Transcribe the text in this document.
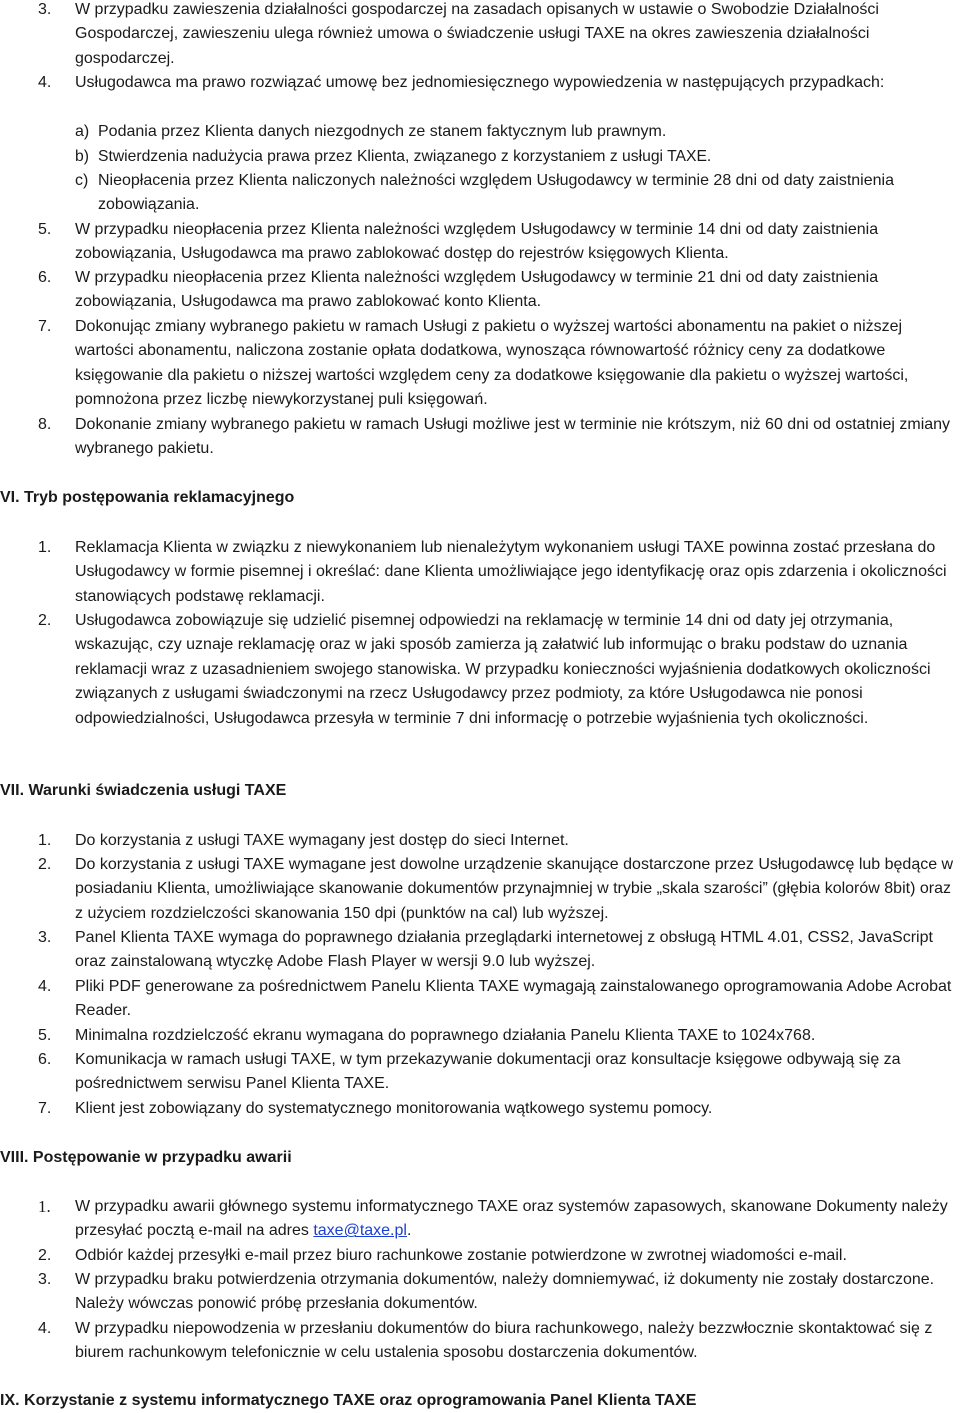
3.	W przypadku zawieszenia działalności gospodarczej na zasadach opisanych w ustawie o Swobodzie Działalności Gospodarczej, zawieszeniu ulega również umowa o świadczenie usługi TAXE na okres zawieszenia działalności gospodarczej.
4.	Usługodawca ma prawo rozwiązać umowę bez jednomiesięcznego wypowiedzenia w następujących przypadkach:
a) Podania przez Klienta danych niezgodnych ze stanem faktycznym lub prawnym.
b) Stwierdzenia nadużycia prawa przez Klienta, związanego z korzystaniem z usługi TAXE.
c) Nieopłacenia przez Klienta naliczonych należności względem Usługodawcy w terminie 28 dni od daty zaistnienia zobowiązania.
5.	W przypadku nieopłacenia przez Klienta należności względem Usługodawcy w terminie 14 dni od daty zaistnienia zobowiązania, Usługodawca ma prawo zablokować dostęp do rejestrów księgowych Klienta.
6.	W przypadku nieopłacenia przez Klienta należności względem Usługodawcy w terminie 21 dni od daty zaistnienia zobowiązania, Usługodawca ma prawo zablokować konto Klienta.
7.	Dokonując zmiany wybranego pakietu w ramach Usługi z pakietu o wyższej wartości abonamentu na pakiet o niższej wartości abonamentu, naliczona zostanie opłata dodatkowa, wynosząca równowartość różnicy ceny za dodatkowe księgowanie dla pakietu o niższej wartości względem ceny za dodatkowe księgowanie dla pakietu o wyższej wartości, pomnożona przez liczbę niewykorzystanej puli księgowań.
8.	Dokonanie zmiany wybranego pakietu w ramach Usługi możliwe jest w terminie nie krótszym, niż 60 dni od ostatniej zmiany wybranego pakietu.
VI. Tryb postępowania reklamacyjnego
1.	Reklamacja Klienta w związku z niewykonaniem lub nienależytym wykonaniem usługi TAXE powinna zostać przesłana do Usługodawcy w formie pisemnej i określać: dane Klienta umożliwiające jego identyfikację oraz opis zdarzenia i okoliczności stanowiących podstawę reklamacji.
2.	Usługodawca zobowiązuje się udzielić pisemnej odpowiedzi na reklamację w terminie 14 dni od daty jej otrzymania, wskazując, czy uznaje reklamację oraz w jaki sposób zamierza ją załatwić lub informując o braku podstaw do uznania reklamacji wraz z uzasadnieniem swojego stanowiska. W przypadku konieczności wyjaśnienia dodatkowych okoliczności związanych z usługami świadczonymi na rzecz Usługodawcy przez podmioty, za które Usługodawca nie ponosi odpowiedzialności, Usługodawca przesyła w terminie 7 dni informację o potrzebie wyjaśnienia tych okoliczności.
VII. Warunki świadczenia usługi TAXE
1.	Do korzystania z usługi TAXE wymagany jest dostęp do sieci Internet.
2.	Do korzystania z usługi TAXE wymagane jest dowolne urządzenie skanujące dostarczone przez Usługodawcę lub będące w posiadaniu Klienta, umożliwiające skanowanie dokumentów przynajmniej w trybie „skala szarości” (głębia kolorów 8bit) oraz z użyciem rozdzielczości skanowania 150 dpi (punktów na cal) lub wyższej.
3.	Panel Klienta TAXE wymaga do poprawnego działania przeglądarki internetowej z obsługą HTML 4.01, CSS2, JavaScript oraz zainstalowaną wtyczkę Adobe Flash Player w wersji 9.0 lub wyższej.
4.	Pliki PDF generowane za pośrednictwem Panelu Klienta TAXE wymagają zainstalowanego oprogramowania Adobe Acrobat Reader.
5.	Minimalna rozdzielczość ekranu wymagana do poprawnego działania Panelu Klienta TAXE to 1024x768.
6.	Komunikacja w ramach usługi TAXE, w tym przekazywanie dokumentacji oraz konsultacje księgowe odbywają się za pośrednictwem serwisu Panel Klienta TAXE.
7.	Klient jest zobowiązany do systematycznego monitorowania wątkowego systemu pomocy.
VIII. Postępowanie w przypadku awarii
1.	W przypadku awarii głównego systemu informatycznego TAXE oraz systemów zapasowych, skanowane Dokumenty należy przesyłać pocztą e-mail na adres taxe@taxe.pl.
2.	Odbiór każdej przesyłki e-mail przez biuro rachunkowe zostanie potwierdzone w zwrotnej wiadomości e-mail.
3.	W przypadku braku potwierdzenia otrzymania dokumentów, należy domniemywać, iż dokumenty nie zostały dostarczone. Należy wówczas ponowić próbę przesłania dokumentów.
4.	W przypadku niepowodzenia w przesłaniu dokumentów do biura rachunkowego, należy bezzwłocznie skontaktować się z biurem rachunkowym telefonicznie w celu ustalenia sposobu dostarczenia dokumentów.
IX. Korzystanie z systemu informatycznego TAXE oraz oprogramowania Panel Klienta TAXE
